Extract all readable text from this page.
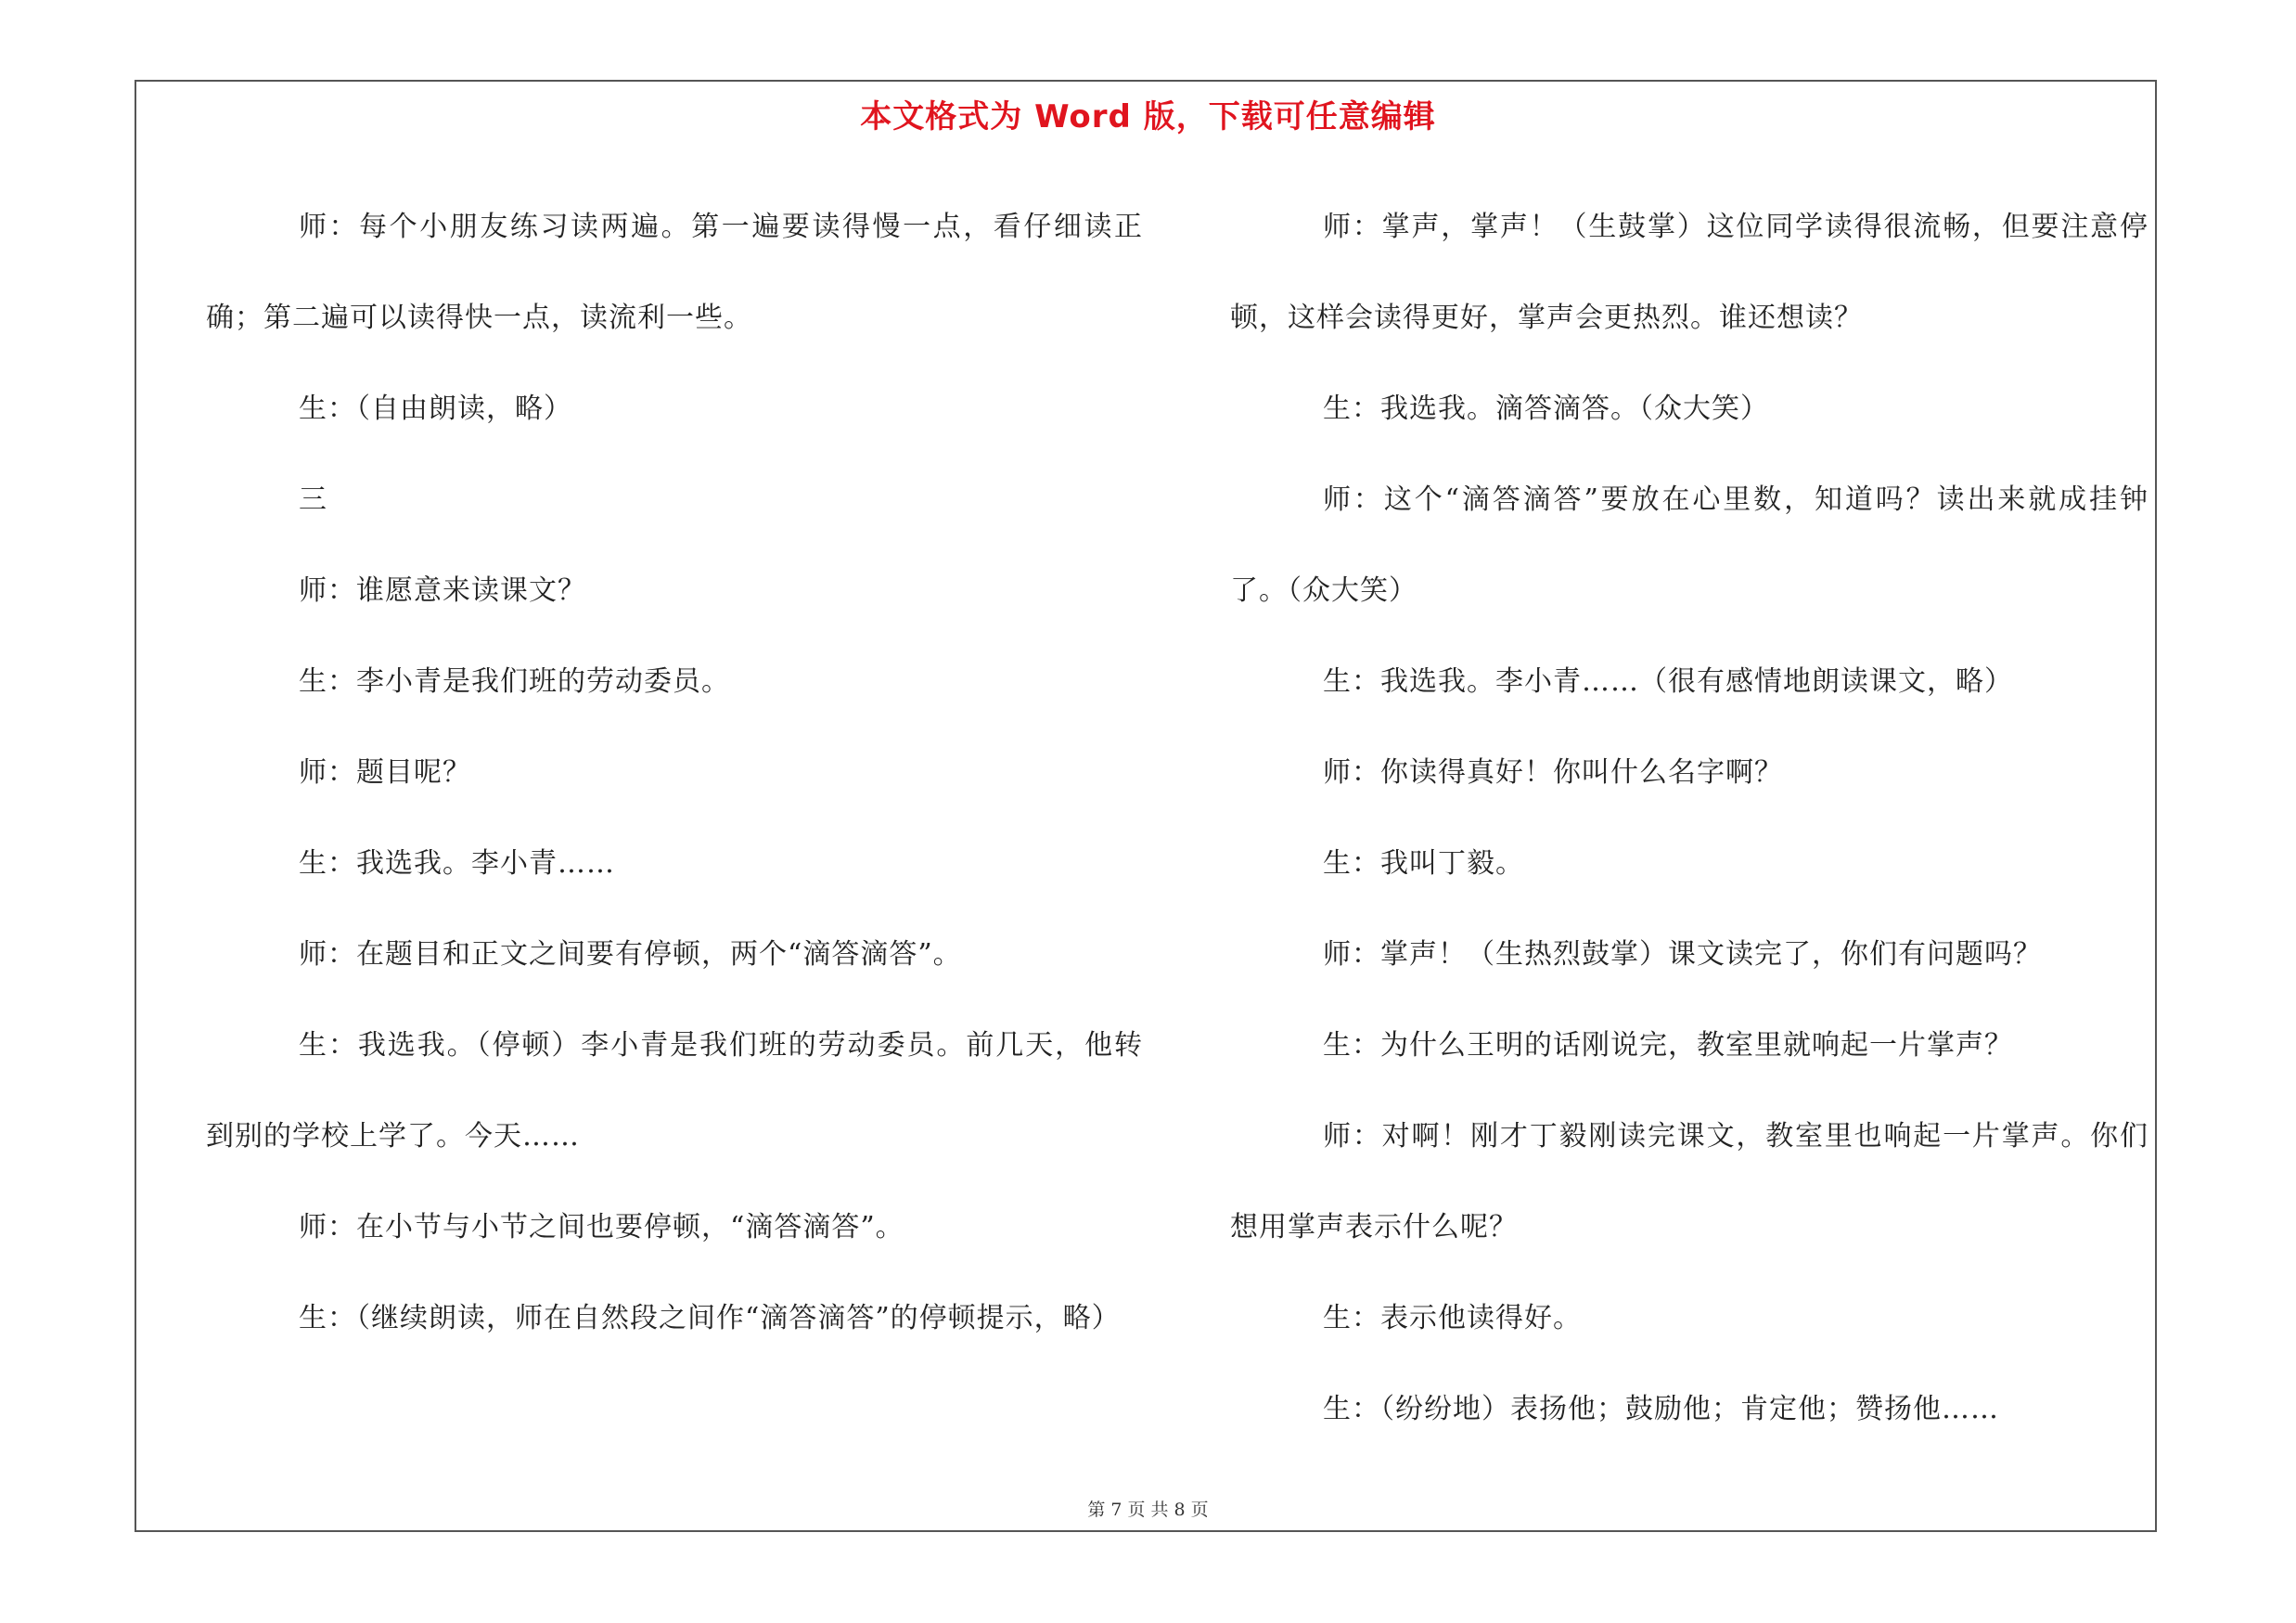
本文格式为 Word 版，下载可任意编辑

师：每个小朋友练习读两遍。第一遍要读得慢一点，看仔细读正确；第二遍可以读得快一点，读流利一些。

生：（自由朗读，略）

三

师：谁愿意来读课文？

生：李小青是我们班的劳动委员。

师：题目呢？

生：我选我。李小青……

师：在题目和正文之间要有停顿，两个“滴答滴答”。

生：我选我。（停顿）李小青是我们班的劳动委员。前几天，他转到别的学校上学了。今天……

师：在小节与小节之间也要停顿，“滴答滴答”。

生：（继续朗读，师在自然段之间作“滴答滴答”的停顿提示，略）

师：掌声，掌声！（生鼓掌）这位同学读得很流畅，但要注意停顿，这样会读得更好，掌声会更热烈。谁还想读？

生：我选我。滴答滴答。（众大笑）

师：这个“滴答滴答”要放在心里数，知道吗？读出来就成挂钟了。（众大笑）

生：我选我。李小青……（很有感情地朗读课文，略）

师：你读得真好！你叫什么名字啊？

生：我叫丁毅。

师：掌声！（生热烈鼓掌）课文读完了，你们有问题吗？

生：为什么王明的话刚说完，教室里就响起一片掌声？

师：对啊！刚才丁毅刚读完课文，教室里也响起一片掌声。你们想用掌声表示什么呢？

生：表示他读得好。

生：（纷纷地）表扬他；鼓励他；肯定他；赞扬他……

第 7 页 共 8 页
